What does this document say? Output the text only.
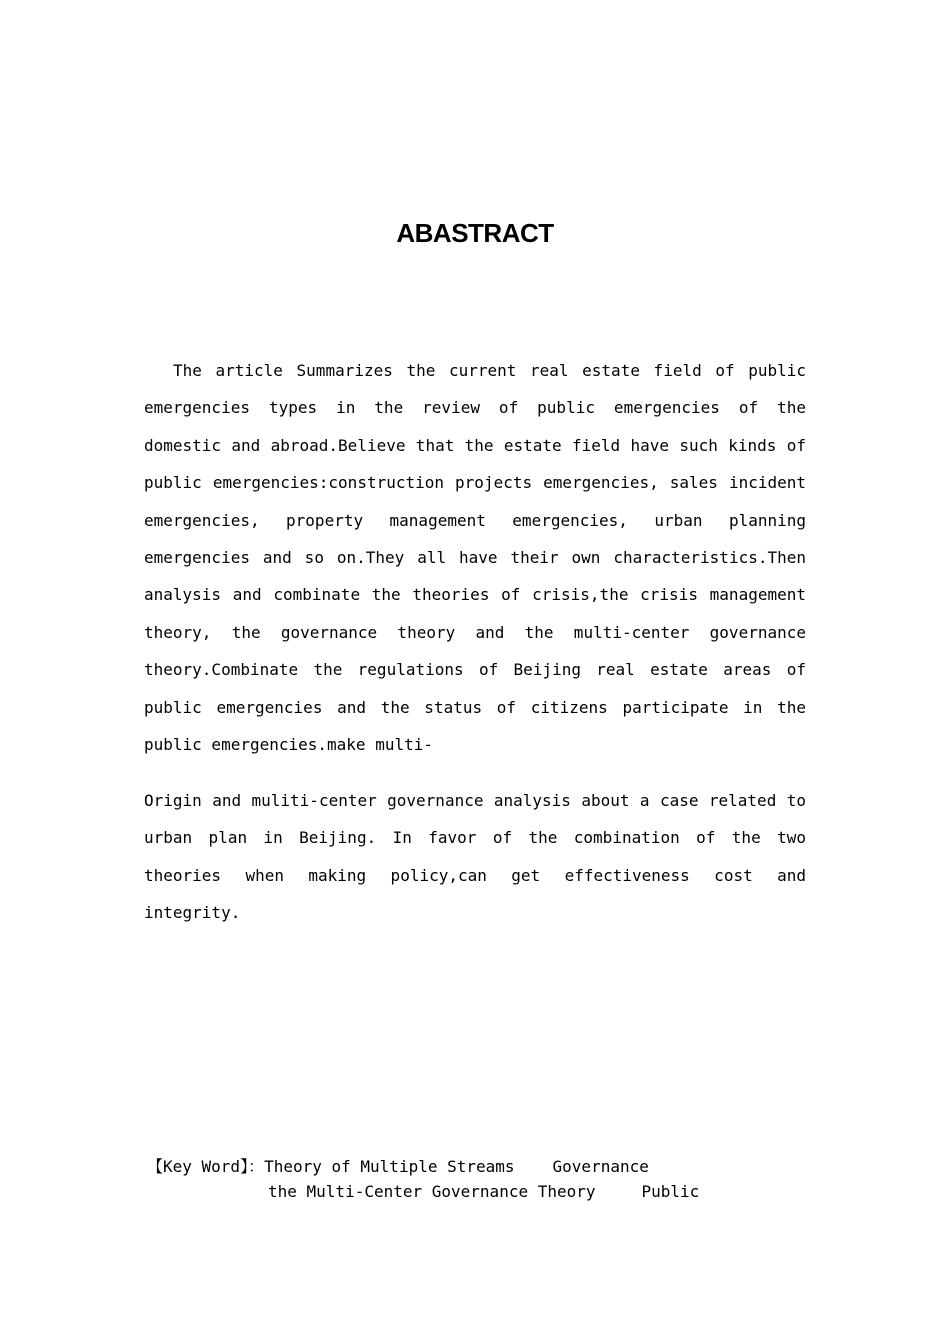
ABASTRACT

The article Summarizes the current real estate field of public emergencies types in the review of public emergencies of the domestic and abroad.Believe that the estate field have such kinds of public emergencies:construction projects emergencies, sales incident emergencies, property management emergencies, urban planning emergencies and so on.They all have their own characteristics.Then analysis and combinate the theories of crisis,the crisis management theory, the governance theory and the multi-center governance theory.Combinate the regulations of Beijing real estate areas of public emergencies and the status of citizens participate in the public emergencies.make multi-

Origin and muliti-center governance analysis about a case related to urban plan in Beijing. In favor of the combination of the two theories when making policy,can get effectiveness cost and integrity.

【Key Word】：Theory of Multiple Streams Governance
the Multi-Center Governance Theory	Public
